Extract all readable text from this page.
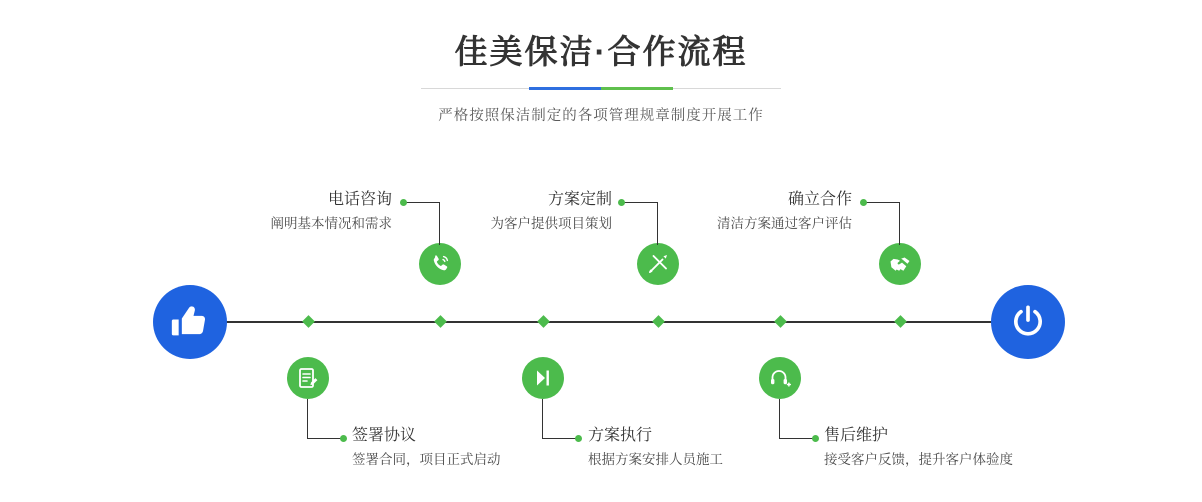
佳美保洁·合作流程
严格按照保洁制定的各项管理规章制度开展工作
签署协议
签署合同，项目正式启动
电话咨询
阐明基本情况和需求
方案执行
根据方案安排人员施工
方案定制
为客户提供项目策划
售后维护
接受客户反馈，提升客户体验度
确立合作
清洁方案通过客户评估
